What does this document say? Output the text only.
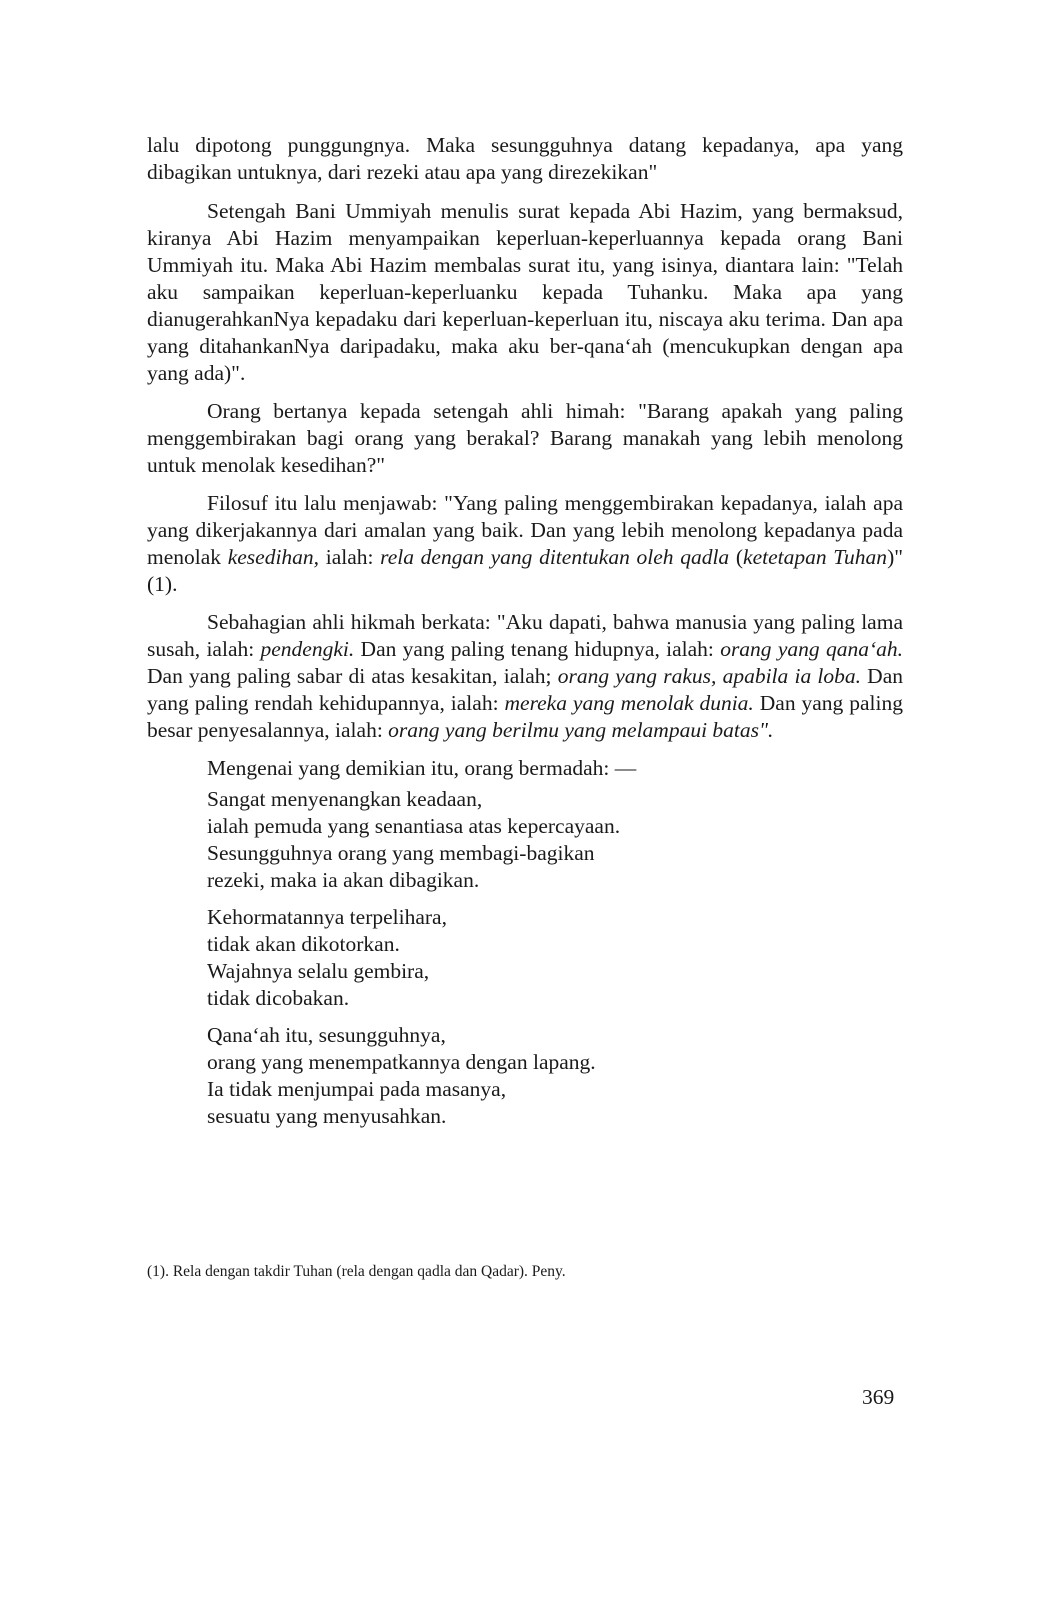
lalu dipotong punggungnya. Maka sesungguhnya datang kepadanya, apa yang dibagikan untuknya, dari rezeki atau apa yang direzekikan"

Setengah Bani Ummiyah menulis surat kepada Abi Hazim, yang bermaksud, kiranya Abi Hazim menyampaikan keperluan-keperluannya kepada orang Bani Ummiyah itu. Maka Abi Hazim membalas surat itu, yang isinya, diantara lain: "Telah aku sampaikan keperluan-keperluanku kepada Tuhanku. Maka apa yang dianugerahkanNya kepadaku dari keperluan-keperluan itu, niscaya aku terima. Dan apa yang ditahankanNya daripadaku, maka aku ber-qana‘ah (mencukupkan dengan apa yang ada)".

Orang bertanya kepada setengah ahli himah: "Barang apakah yang paling menggembirakan bagi orang yang berakal? Barang manakah yang lebih menolong untuk menolak kesedihan?"

Filosuf itu lalu menjawab: "Yang paling menggembirakan kepadanya, ialah apa yang dikerjakannya dari amalan yang baik. Dan yang lebih menolong kepadanya pada menolak kesedihan, ialah: rela dengan yang ditentukan oleh qadla (ketetapan Tuhan)" (1).

Sebahagian ahli hikmah berkata: "Aku dapati, bahwa manusia yang paling lama susah, ialah: pendengki. Dan yang paling tenang hidupnya, ialah: orang yang qana‘ah. Dan yang paling sabar di atas kesakitan, ialah; orang yang rakus, apabila ia loba. Dan yang paling rendah kehidupannya, ialah: mereka yang menolak dunia. Dan yang paling besar penyesalannya, ialah: orang yang berilmu yang melampaui batas".

Mengenai yang demikian itu, orang bermadah: —
Sangat menyenangkan keadaan,
ialah pemuda yang senantiasa atas kepercayaan.
Sesungguhnya orang yang membagi-bagikan
rezeki, maka ia akan dibagikan.
Kehormatannya terpelihara,
tidak akan dikotorkan.
Wajahnya selalu gembira,
tidak dicobakan.
Qana‘ah itu, sesungguhnya,
orang yang menempatkannya dengan lapang.
Ia tidak menjumpai pada masanya,
sesuatu yang menyusahkan.
(1). Rela dengan takdir Tuhan (rela dengan qadla dan Qadar). Peny.
369
